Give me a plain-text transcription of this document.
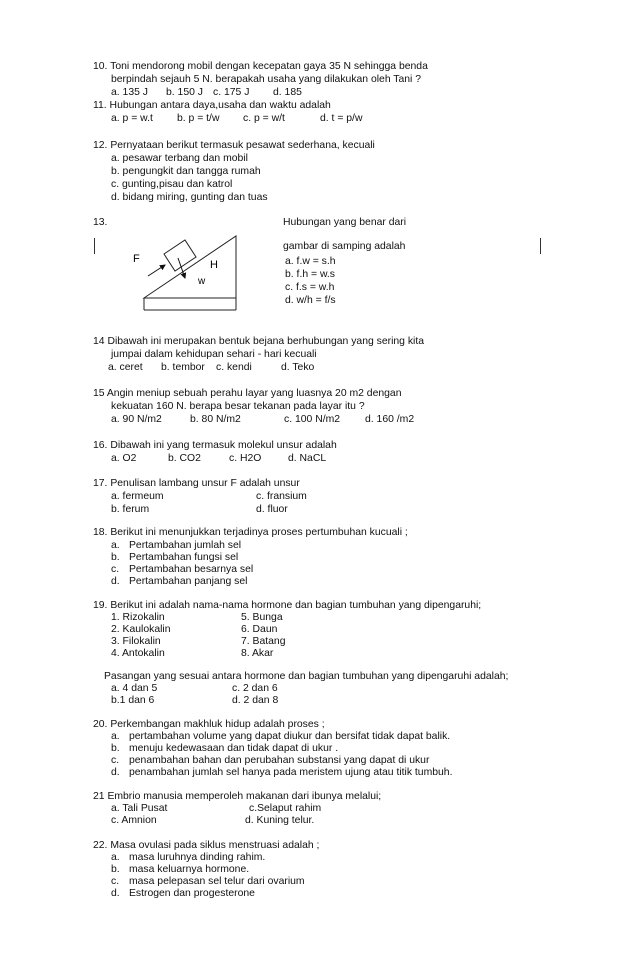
10. Toni mendorong mobil dengan kecepatan gaya 35 N sehingga benda
berpindah sejauh 5 N. berapakah usaha yang dilakukan oleh Tani ?
a. 135 J b. 150 J c. 175 J d. 185
11. Hubungan antara daya,usaha dan waktu adalah
a. p = w.t b. p = t/w c. p = w/t	d. t = p/w
12. Pernyataan berikut termasuk pesawat sederhana, kecuali
a. pesawar terbang dan mobil
b. pengungkit dan tangga rumah
c. gunting,pisau dan katrol
d. bidang miring, gunting dan tuas
13.	Hubungan yang benar dari
gambar di samping adalah
a. f.w = s.h
b. f.h = w.s
c. f.s = w.h
d. w/h = f/s
F	H
w
14 Dibawah ini merupakan bentuk bejana berhubungan yang sering kita
jumpai dalam kehidupan sehari - hari kecuali
a. ceret b. tembor c. kendi	d. Teko
15 Angin meniup sebuah perahu layar yang luasnya 20 m2 dengan
kekuatan 160 N. berapa besar tekanan pada layar itu ?
a. 90 N/m2	b. 80 N/m2	c. 100 N/m2 d. 160 /m2
16. Dibawah ini yang termasuk molekul unsur adalah
a. O2	b. CO2	c. H2O	d. NaCL
17. Penulisan lambang unsur F adalah unsur
a. fermeum	c. fransium
b. ferum	d. fluor
18. Berikut ini menunjukkan terjadinya proses pertumbuhan kucuali ;
a. Pertambahan jumlah sel
b. Pertambahan fungsi sel
c. Pertambahan besarnya sel
d. Pertambahan panjang sel
19. Berikut ini adalah nama-nama hormone dan bagian tumbuhan yang dipengaruhi;
1. Rizokalin	5. Bunga
2. Kaulokalin	6. Daun
3. Filokalin	7. Batang
4. Antokalin	8. Akar
Pasangan yang sesuai antara hormone dan bagian tumbuhan yang dipengaruhi adalah;
a. 4 dan 5	c. 2 dan 6
b.1 dan 6	d. 2 dan 8
20. Perkembangan makhluk hidup adalah proses ;
a. pertambahan volume yang dapat diukur dan bersifat tidak dapat balik.
b. menuju kedewasaan dan tidak dapat di ukur .
c. penambahan bahan dan perubahan substansi yang dapat di ukur
d. penambahan jumlah sel hanya pada meristem ujung atau titik tumbuh.
21 Embrio manusia memperoleh makanan dari ibunya melalui;
a. Tali Pusat	c.Selaput rahim
c. Amnion	d. Kuning telur.
22. Masa ovulasi pada siklus menstruasi adalah ;
a. masa luruhnya dinding rahim.
b. masa keluarnya hormone.
c. masa pelepasan sel telur dari ovarium
d. Estrogen dan progesterone
